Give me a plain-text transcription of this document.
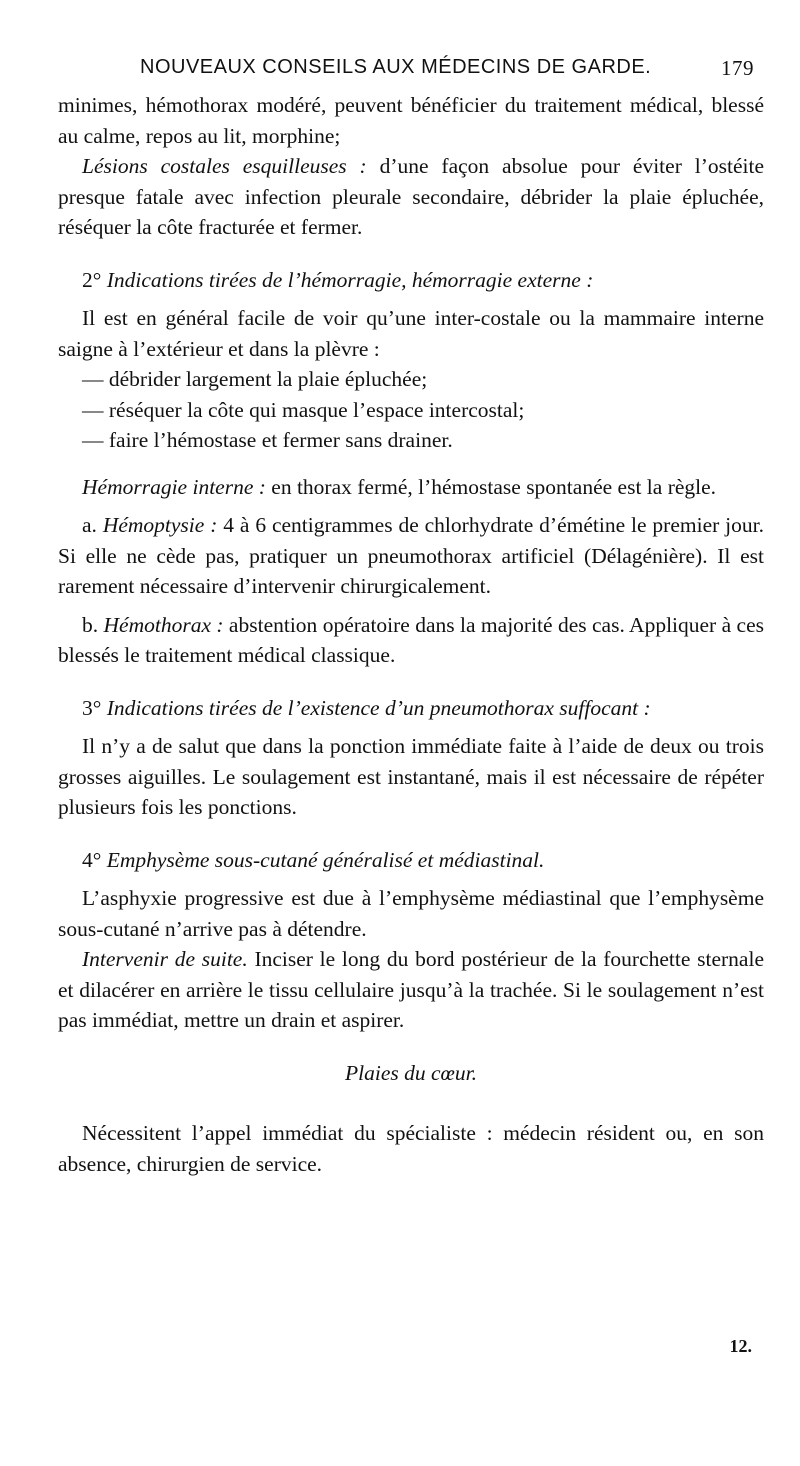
NOUVEAUX CONSEILS AUX MÉDECINS DE GARDE.	179

minimes, hémothorax modéré, peuvent bénéficier du traitement médical, blessé au calme, repos au lit, morphine;

Lésions costales esquilleuses : d’une façon absolue pour éviter l’ostéite presque fatale avec infection pleurale secondaire, débrider la plaie épluchée, réséquer la côte fracturée et fermer.

2° Indications tirées de l’hémorragie, hémorragie externe :

Il est en général facile de voir qu’une inter-costale ou la mammaire interne saigne à l’extérieur et dans la plèvre :

— débrider largement la plaie épluchée;

— réséquer la côte qui masque l’espace intercostal;

— faire l’hémostase et fermer sans drainer.

Hémorragie interne : en thorax fermé, l’hémostase spontanée est la règle.

a. Hémoptysie : 4 à 6 centigrammes de chlorhydrate d’émétine le premier jour. Si elle ne cède pas, pratiquer un pneumothorax artificiel (Délagénière). Il est rarement nécessaire d’intervenir chirurgicalement.

b. Hémothorax : abstention opératoire dans la majorité des cas. Appliquer à ces blessés le traitement médical classique.

3° Indications tirées de l’existence d’un pneumothorax suffocant :

Il n’y a de salut que dans la ponction immédiate faite à l’aide de deux ou trois grosses aiguilles. Le soulagement est instantané, mais il est nécessaire de répéter plusieurs fois les ponctions.

4° Emphysème sous-cutané généralisé et médiastinal.

L’asphyxie progressive est due à l’emphysème médiastinal que l’emphysème sous-cutané n’arrive pas à détendre.

Intervenir de suite. Inciser le long du bord postérieur de la fourchette sternale et dilacérer en arrière le tissu cellulaire jusqu’à la trachée. Si le soulagement n’est pas immédiat, mettre un drain et aspirer.

Plaies du cœur.

Nécessitent l’appel immédiat du spécialiste : médecin résident ou, en son absence, chirurgien de service.

12.
